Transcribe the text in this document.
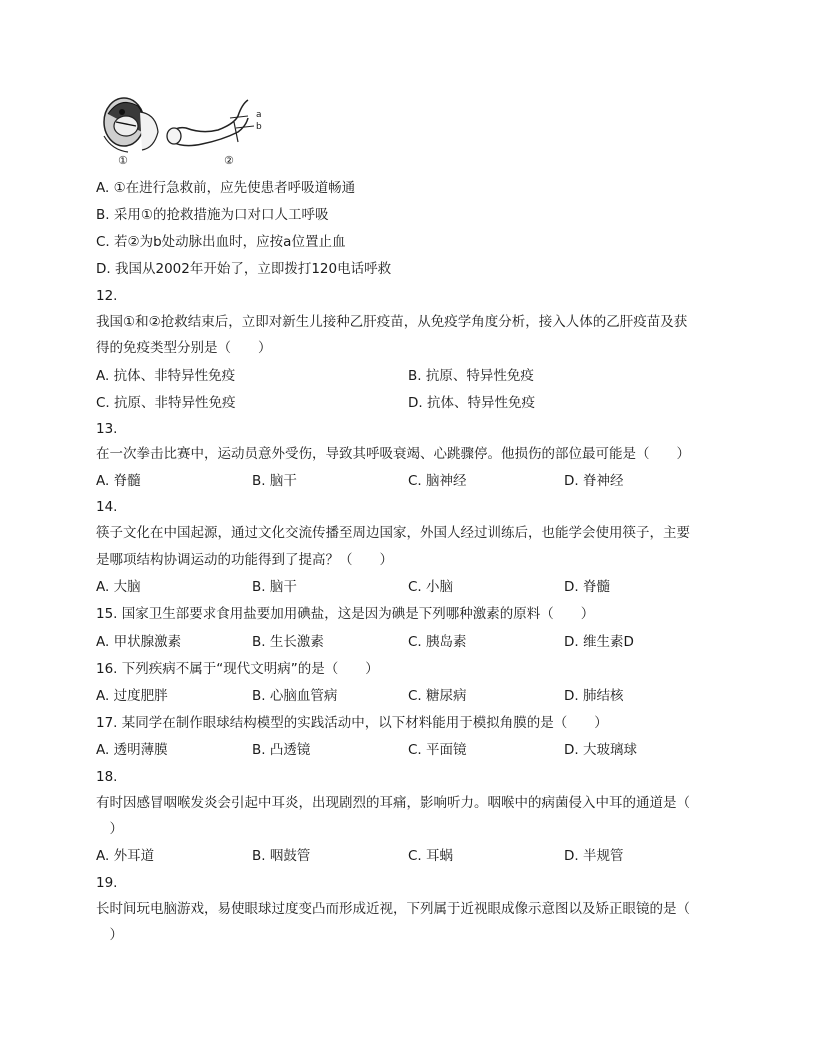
①	②
a
b
A. ①在进行急救前，应先使患者呼吸道畅通
B. 采用①的抢救措施为口对口人工呼吸
C. 若②为b处动脉出血时，应按a位置止血
D. 我国从2002年开始了，立即拨打120电话呼救
12.
我国①和②抢救结束后，立即对新生儿接种乙肝疫苗，从免疫学角度分析，接入人体的乙肝疫苗及获
得的免疫类型分别是（　　）
A. 抗体、非特异性免疫	B. 抗原、特异性免疫
C. 抗原、非特异性免疫	D. 抗体、特异性免疫
13.
在一次拳击比赛中，运动员意外受伤，导致其呼吸衰竭、心跳骤停。他损伤的部位最可能是（　　）
A. 脊髓	B. 脑干	C. 脑神经	D. 脊神经
14.
筷子文化在中国起源，通过文化交流传播至周边国家，外国人经过训练后，也能学会使用筷子，主要
是哪项结构协调运动的功能得到了提高？（　　）
A. 大脑	B. 脑干	C. 小脑	D. 脊髓
15. 国家卫生部要求食用盐要加用碘盐，这是因为碘是下列哪种激素的原料（　　）
A. 甲状腺激素	B. 生长激素	C. 胰岛素	D. 维生素D
16. 下列疾病不属于“现代文明病”的是（　　）
A. 过度肥胖	B. 心脑血管病	C. 糖尿病	D. 肺结核
17. 某同学在制作眼球结构模型的实践活动中，以下材料能用于模拟角膜的是（　　）
A. 透明薄膜	B. 凸透镜	C. 平面镜	D. 大玻璃球
18.
有时因感冒咽喉发炎会引起中耳炎，出现剧烈的耳痛，影响听力。咽喉中的病菌侵入中耳的通道是（
　）
A. 外耳道	B. 咽鼓管	C. 耳蜗	D. 半规管
19.
长时间玩电脑游戏，易使眼球过度变凸而形成近视，下列属于近视眼成像示意图以及矫正眼镜的是（
　）
